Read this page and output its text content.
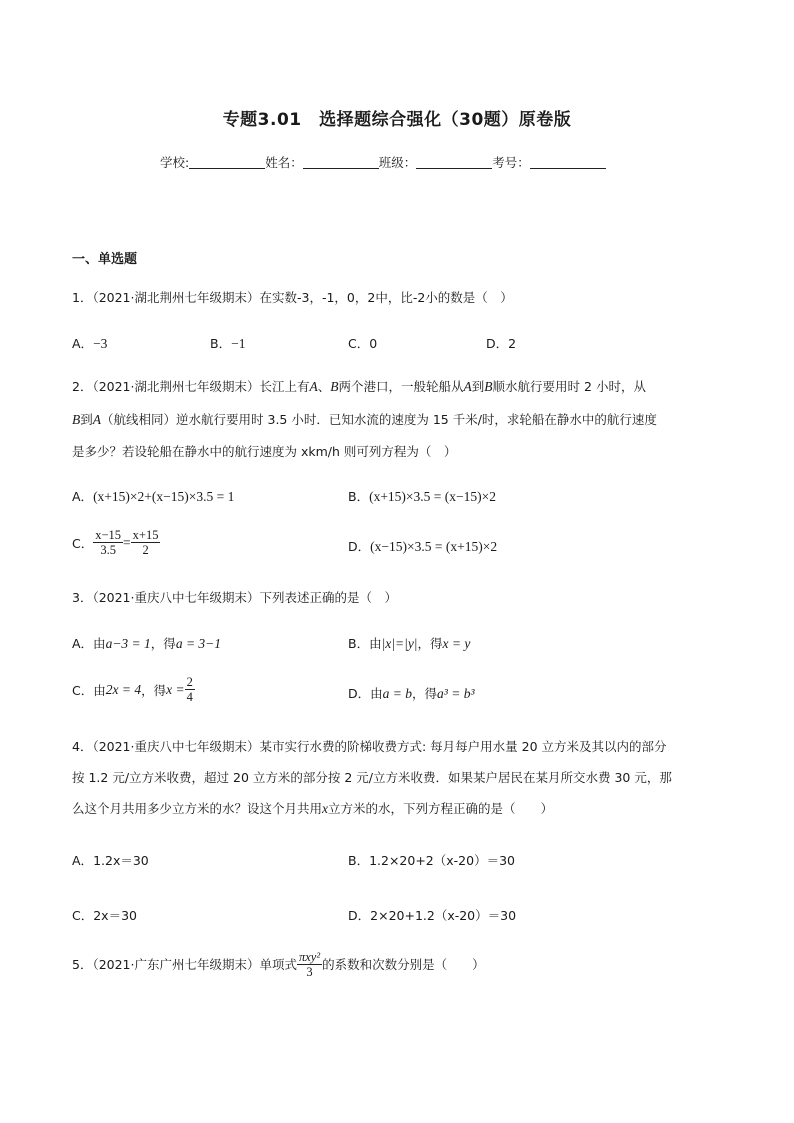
专题3.01　选择题综合强化（30题）原卷版
学校:	姓名：	班级：	考号：
一、单选题
1．（2021·湖北荆州七年级期末）在实数-3，-1，0，2中，比-2小的数是（　）
A．−3	B．−1	C．0	D．2
2．（2021·湖北荆州七年级期末）长江上有A、B两个港口，一般轮船从A到B顺水航行要用时 2 小时，从
B到A（航线相同）逆水航行要用时 3.5 小时．已知水流的速度为 15 千米/时，求轮船在静水中的航行速度
是多少？若设轮船在静水中的航行速度为 xkm/h 则可列方程为（　）
A．(x+15)×2+(x−15)×3.5 = 1	B．(x+15)×3.5 = (x−15)×2
C． $\frac{x-15}{3.5} = \frac{x+15}{2}$	D．(x−15)×3.5 = (x+15)×2
3．（2021·重庆八中七年级期末）下列表述正确的是（　）
A．由a−3 = 1，得a = 3−1	B．由|x|=|y|，得x = y
C．由2x = 4，得$x = \frac{2}{4}$	D．由a = b，得a³ = b³
4．（2021·重庆八中七年级期末）某市实行水费的阶梯收费方式: 每月每户用水量 20 立方米及其以内的部分
按 1.2 元/立方米收费，超过 20 立方米的部分按 2 元/立方米收费．如果某户居民在某月所交水费 30 元，那
么这个月共用多少立方米的水？设这个月共用x立方米的水，下列方程正确的是（　　）
A．1.2x＝30	B．1.2×20+2（x-20）＝30
C．2x＝30	D．2×20+1.2（x-20）＝30
5．（2021·广东广州七年级期末）单项式 $\frac{\text{πxy²}}{3}$ 的系数和次数分别是（　　）
